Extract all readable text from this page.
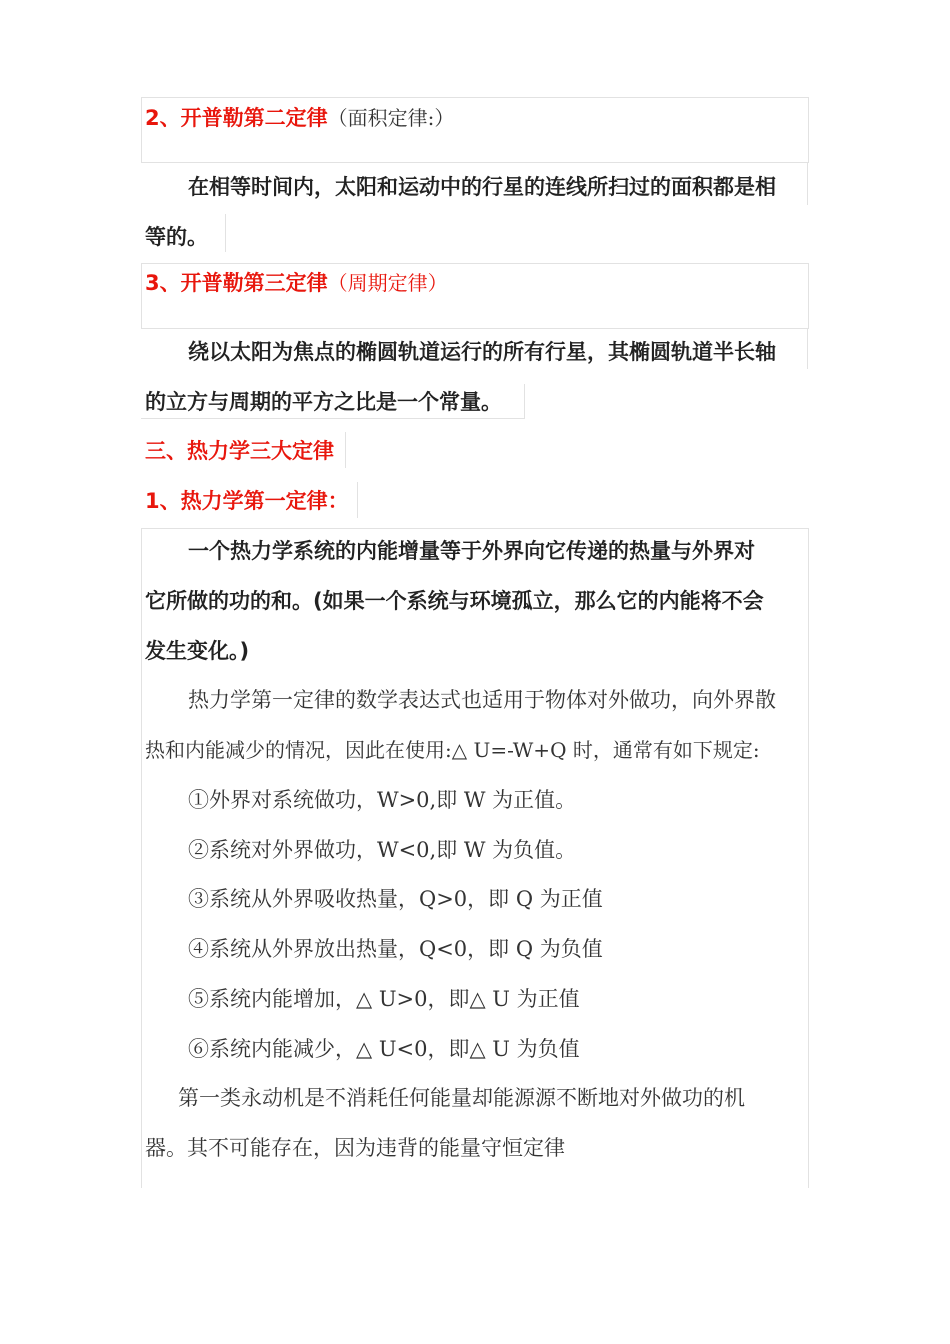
2、开普勒第二定律（面积定律:）
在相等时间内，太阳和运动中的行星的连线所扫过的面积都是相
等的。
3、开普勒第三定律（周期定律）
绕以太阳为焦点的椭圆轨道运行的所有行星，其椭圆轨道半长轴
的立方与周期的平方之比是一个常量。
三、热力学三大定律
1、热力学第一定律：
一个热力学系统的内能增量等于外界向它传递的热量与外界对
它所做的功的和。(如果一个系统与环境孤立，那么它的内能将不会
发生变化。)
热力学第一定律的数学表达式也适用于物体对外做功，向外界散
热和内能减少的情况，因此在使用:△ U=-W+Q 时，通常有如下规定:
①外界对系统做功，W>0,即 W 为正值。
②系统对外界做功，W<0,即 W 为负值。
③系统从外界吸收热量，Q>0，即 Q 为正值
④系统从外界放出热量，Q<0，即 Q 为负值
⑤系统内能增加，△ U>0，即△ U 为正值
⑥系统内能减少，△ U<0，即△ U 为负值
第一类永动机是不消耗任何能量却能源源不断地对外做功的机
器。其不可能存在，因为违背的能量守恒定律
